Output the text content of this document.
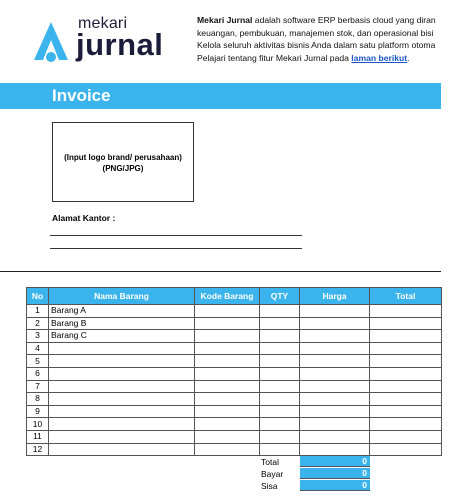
mekari
jurnal
Mekari Jurnal adalah software ERP berbasis cloud yang diran
keuangan, pembukuan, manajemen stok, dan operasional bisi
Kelola seluruh aktivitas bisnis Anda dalam satu platform otoma
Pelajari tentang fitur Mekari Jurnal pada laman berikut.
Invoice
(Input logo brand/ perusahaan)
(PNG/JPG)
Alamat Kantor :
No	Nama Barang	Kode Barang	QTY	Harga	Total
1	Barang A				
2	Barang B				
3	Barang C				
4					
5					
6					
7					
8					
9					
10					
11					
12					
Total	0
Bayar	0
Sisa	0
